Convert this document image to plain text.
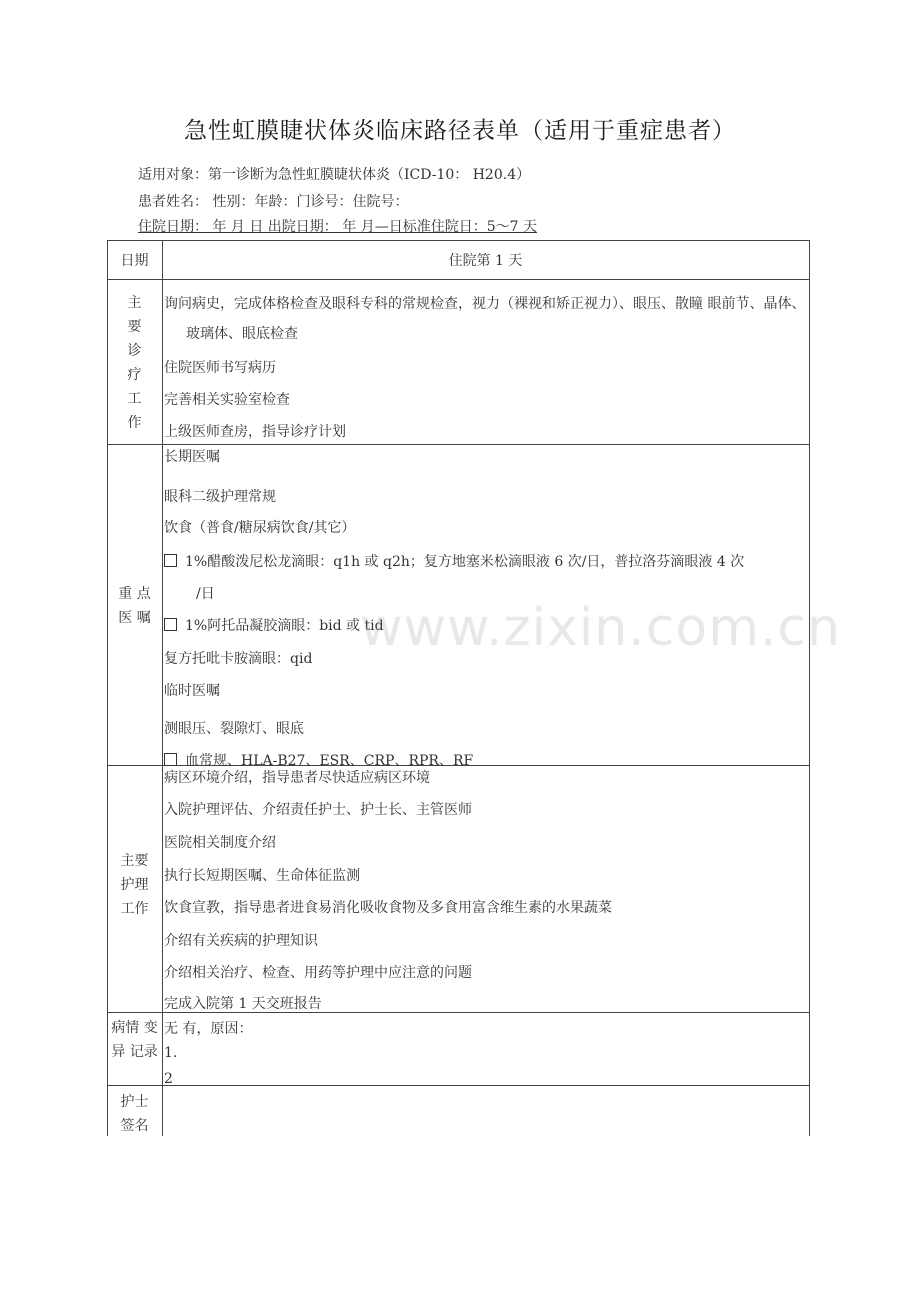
急性虹膜睫状体炎临床路径表单（适用于重症患者）
适用对象：第一诊断为急性虹膜睫状体炎（ICD-10： H20.4）
患者姓名： 性别：年龄：门诊号：住院号：
住院日期： 年 月 日 出院日期： 年 月—日标准住院日：5～7 天
日期	住院第 1 天
主
要
诊
疗
工
作
询问病史，完成体格检查及眼科专科的常规检查，视力（裸视和矫正视力）、眼压、散瞳 眼前节、晶体、玻璃体、眼底检查
住院医师书写病历
完善相关实验室检查
上级医师查房，指导诊疗计划
重 点
医 嘱
长期医嘱
眼科二级护理常规
饮食（普食/糖尿病饮食/其它）
1%醋酸泼尼松龙滴眼：q1h 或 q2h；复方地塞米松滴眼液 6 次/日，普拉洛芬滴眼液 4 次
/日
1%阿托品凝胶滴眼：bid 或 tid
复方托吡卡胺滴眼：qid
临时医嘱
测眼压、裂隙灯、眼底
血常规、HLA-B27、ESR、CRP、RPR、RF
主要
护理
工作
病区环境介绍，指导患者尽快适应病区环境
入院护理评估、介绍责任护士、护士长、主管医师
医院相关制度介绍
执行长短期医嘱、生命体征监测
饮食宣教，指导患者进食易消化吸收食物及多食用富含维生素的水果蔬菜
介绍有关疾病的护理知识
介绍相关治疗、检查、用药等护理中应注意的问题
完成入院第 1 天交班报告
病情 变
异 记录
无 有，原因：
1.
2
护士
签名
www.zixin.com.cn
